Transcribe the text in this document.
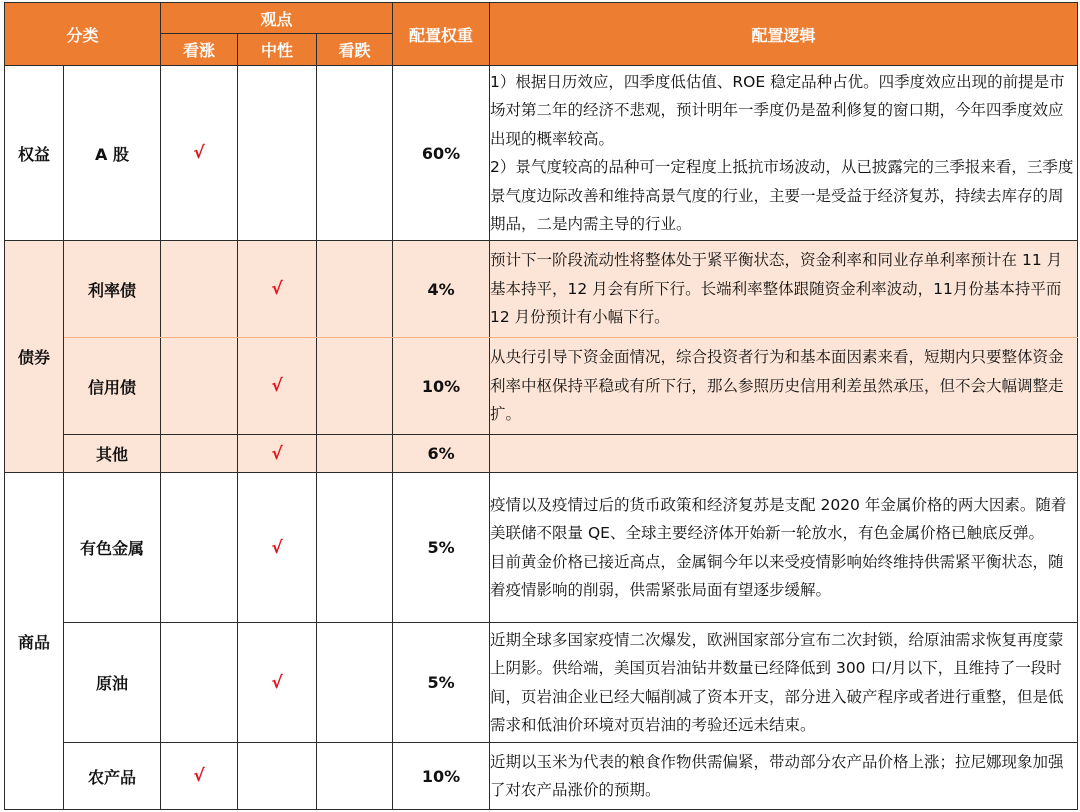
分类		观点			配置权重	配置逻辑
		看涨	中性	看跌		
权益	A 股	√			60%	1）根据日历效应，四季度低估值、ROE 稳定品种占优。四季度效应出现的前提是市场对第二年的经济不悲观，预计明年一季度仍是盈利修复的窗口期，今年四季度效应出现的概率较高。

2）景气度较高的品种可一定程度上抵抗市场波动，从已披露完的三季报来看，三季度景气度边际改善和维持高景气度的行业，主要一是受益于经济复苏，持续去库存的周期品，二是内需主导的行业。

债券	利率债		√		4%	预计下一阶段流动性将整体处于紧平衡状态，资金利率和同业存单利率预计在 11 月基本持平，12 月会有所下行。长端利率整体跟随资金利率波动，11月份基本持平而 12 月份预计有小幅下行。
	信用债		√		10%	从央行引导下资金面情况，综合投资者行为和基本面因素来看，短期内只要整体资金利率中枢保持平稳或有所下行，那么参照历史信用利差虽然承压，但不会大幅调整走扩。
	其他		√		6%	
商品	有色金属		√		5%	疫情以及疫情过后的货币政策和经济复苏是支配 2020 年金属价格的两大因素。随着美联储不限量 QE、全球主要经济体开始新一轮放水，有色金属价格已触底反弹。

目前黄金价格已接近高点，金属铜今年以来受疫情影响始终维持供需紧平衡状态，随着疫情影响的削弱，供需紧张局面有望逐步缓解。

	原油		√		5%	近期全球多国家疫情二次爆发，欧洲国家部分宣布二次封锁，给原油需求恢复再度蒙上阴影。供给端，美国页岩油钻井数量已经降低到 300 口/月以下，且维持了一段时间，页岩油企业已经大幅削减了资本开支，部分进入破产程序或者进行重整，但是低需求和低油价环境对页岩油的考验还远未结束。
	农产品	√			10%	近期以玉米为代表的粮食作物供需偏紧，带动部分农产品价格上涨；拉尼娜现象加强了对农产品涨价的预期。
